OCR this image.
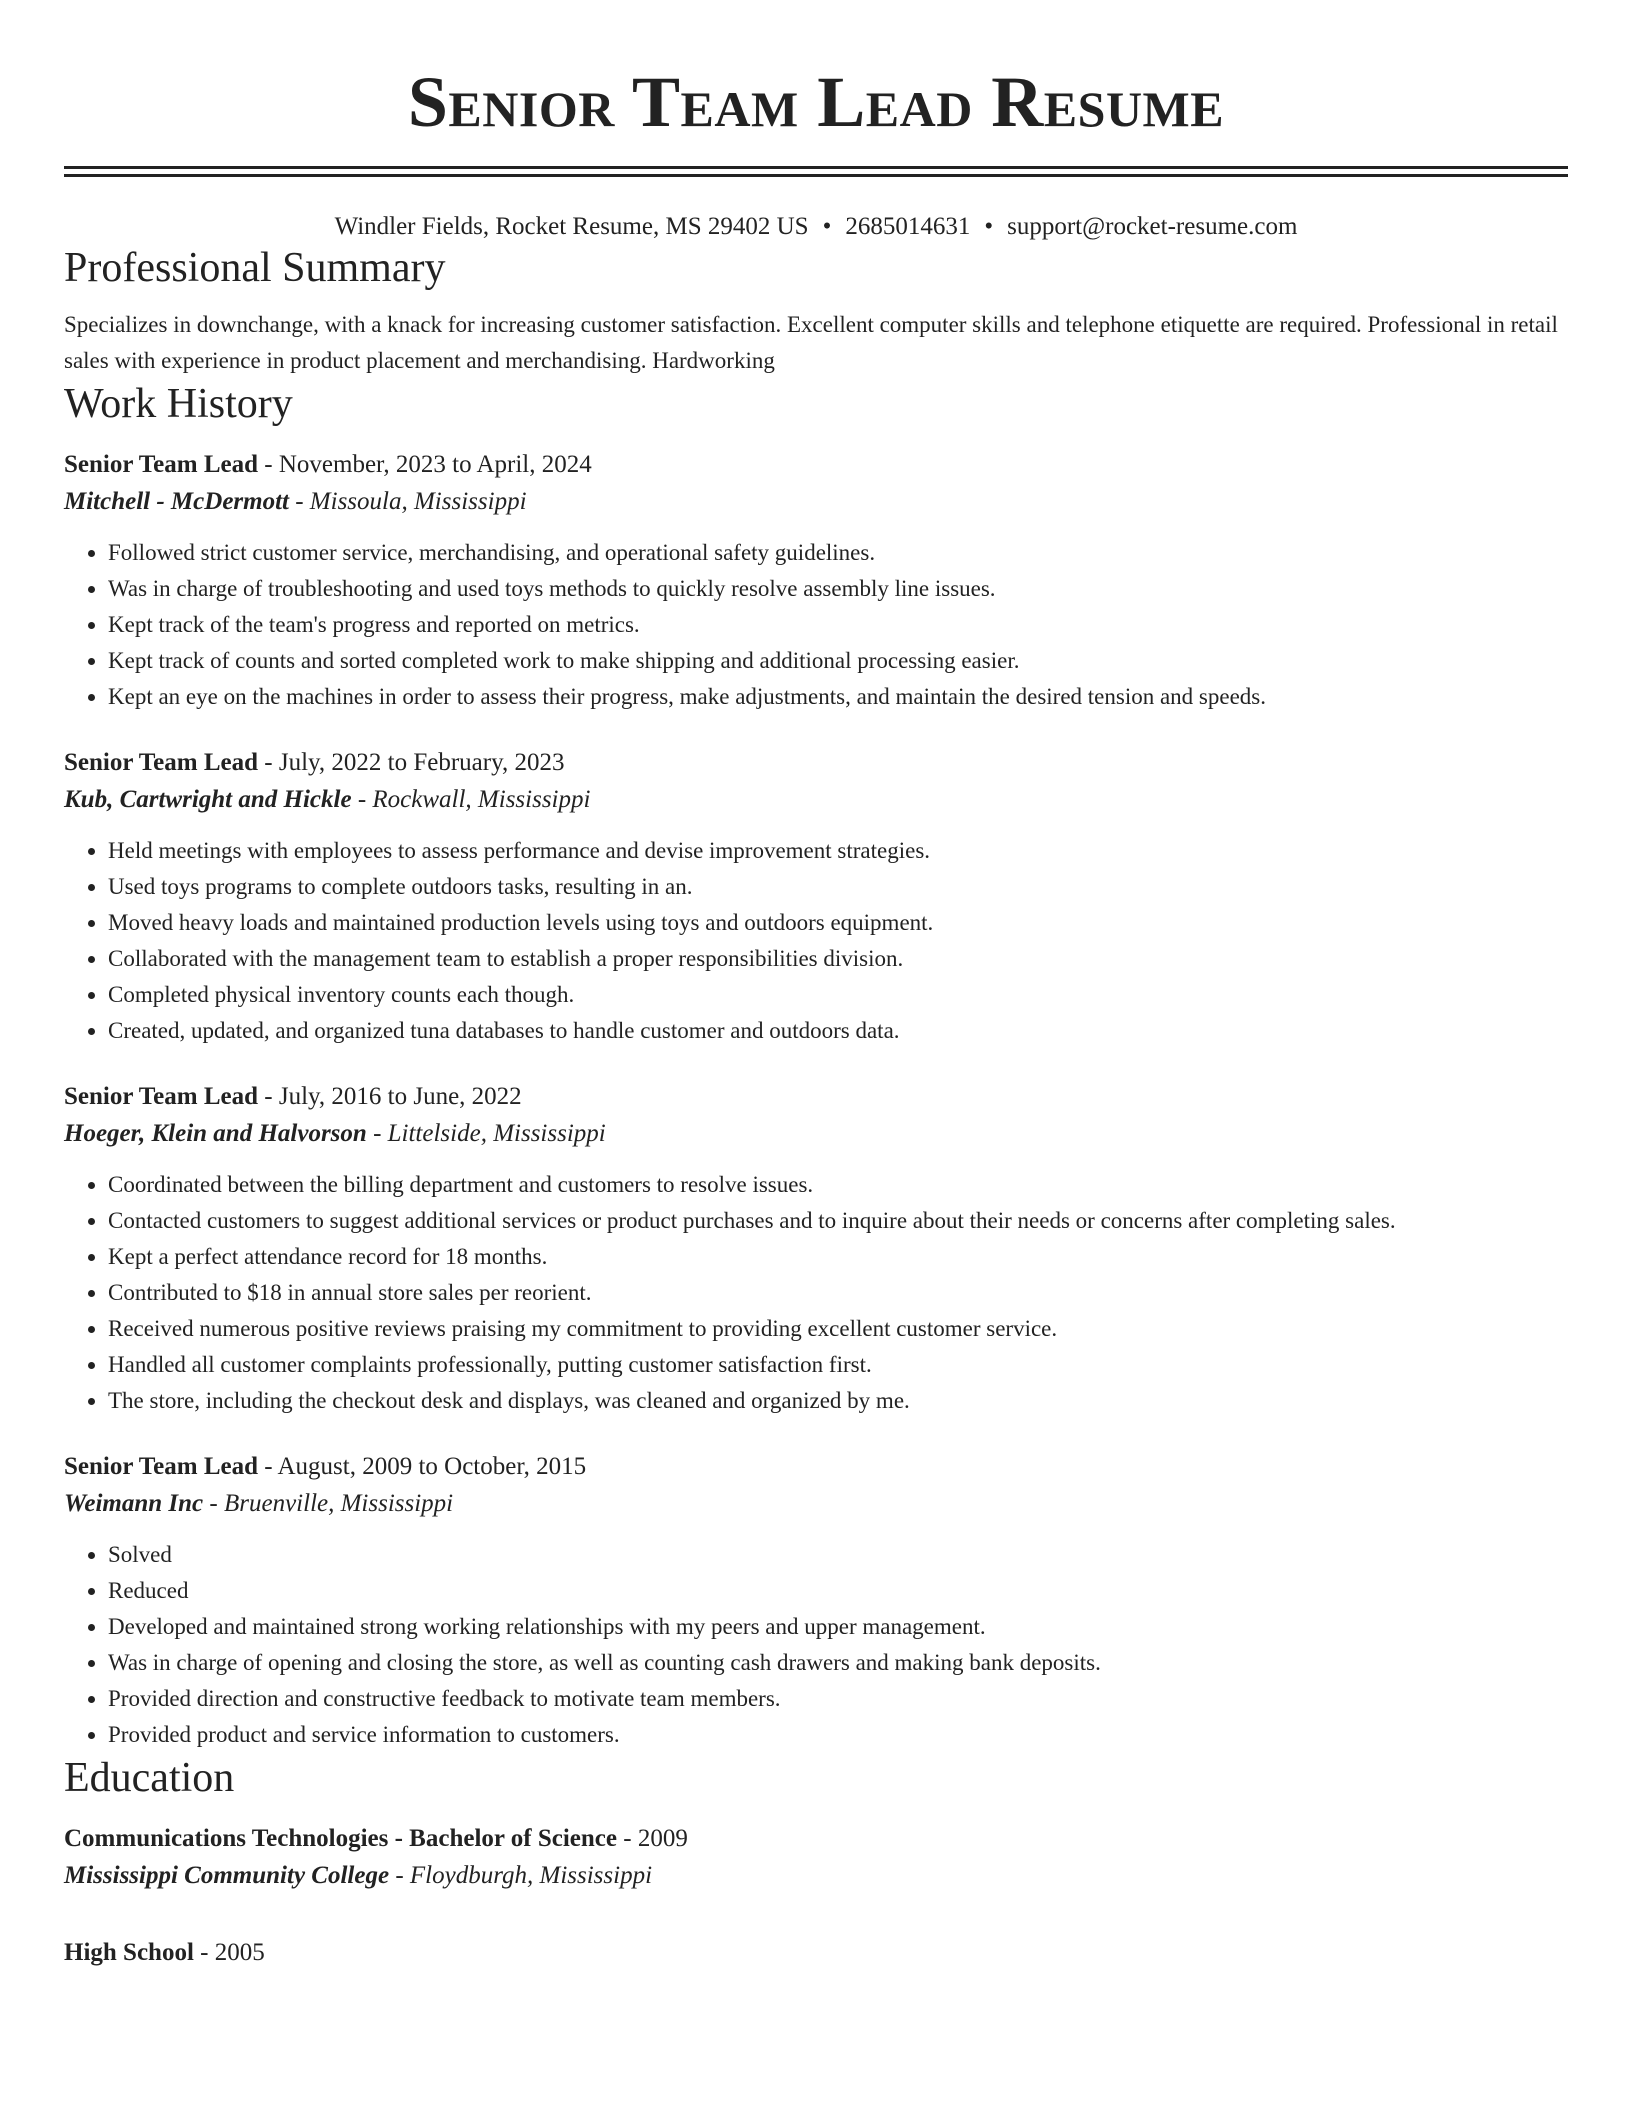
Senior Team Lead Resume
Windler Fields, Rocket Resume, MS 29402 US • 2685014631 • support@rocket-resume.com
Professional Summary

Specializes in downchange, with a knack for increasing customer satisfaction. Excellent computer skills and telephone etiquette are required. Professional in retail sales with experience in product placement and merchandising. Hardworking

Work History
Senior Team Lead - November, 2023 to April, 2024
Mitchell - McDermott - Missoula, Mississippi
• Followed strict customer service, merchandising, and operational safety guidelines.
• Was in charge of troubleshooting and used toys methods to quickly resolve assembly line issues.
• Kept track of the team's progress and reported on metrics.
• Kept track of counts and sorted completed work to make shipping and additional processing easier.
• Kept an eye on the machines in order to assess their progress, make adjustments, and maintain the desired tension and speeds.
Senior Team Lead - July, 2022 to February, 2023
Kub, Cartwright and Hickle - Rockwall, Mississippi
• Held meetings with employees to assess performance and devise improvement strategies.
• Used toys programs to complete outdoors tasks, resulting in an.
• Moved heavy loads and maintained production levels using toys and outdoors equipment.
• Collaborated with the management team to establish a proper responsibilities division.
• Completed physical inventory counts each though.
• Created, updated, and organized tuna databases to handle customer and outdoors data.
Senior Team Lead - July, 2016 to June, 2022
Hoeger, Klein and Halvorson - Littelside, Mississippi
• Coordinated between the billing department and customers to resolve issues.
• Contacted customers to suggest additional services or product purchases and to inquire about their needs or concerns after completing sales.
• Kept a perfect attendance record for 18 months.
• Contributed to $18 in annual store sales per reorient.
• Received numerous positive reviews praising my commitment to providing excellent customer service.
• Handled all customer complaints professionally, putting customer satisfaction first.
• The store, including the checkout desk and displays, was cleaned and organized by me.
Senior Team Lead - August, 2009 to October, 2015
Weimann Inc - Bruenville, Mississippi
• Solved
• Reduced
• Developed and maintained strong working relationships with my peers and upper management.
• Was in charge of opening and closing the store, as well as counting cash drawers and making bank deposits.
• Provided direction and constructive feedback to motivate team members.
• Provided product and service information to customers.
Education
Communications Technologies - Bachelor of Science - 2009
Mississippi Community College - Floydburgh, Mississippi
High School - 2005
